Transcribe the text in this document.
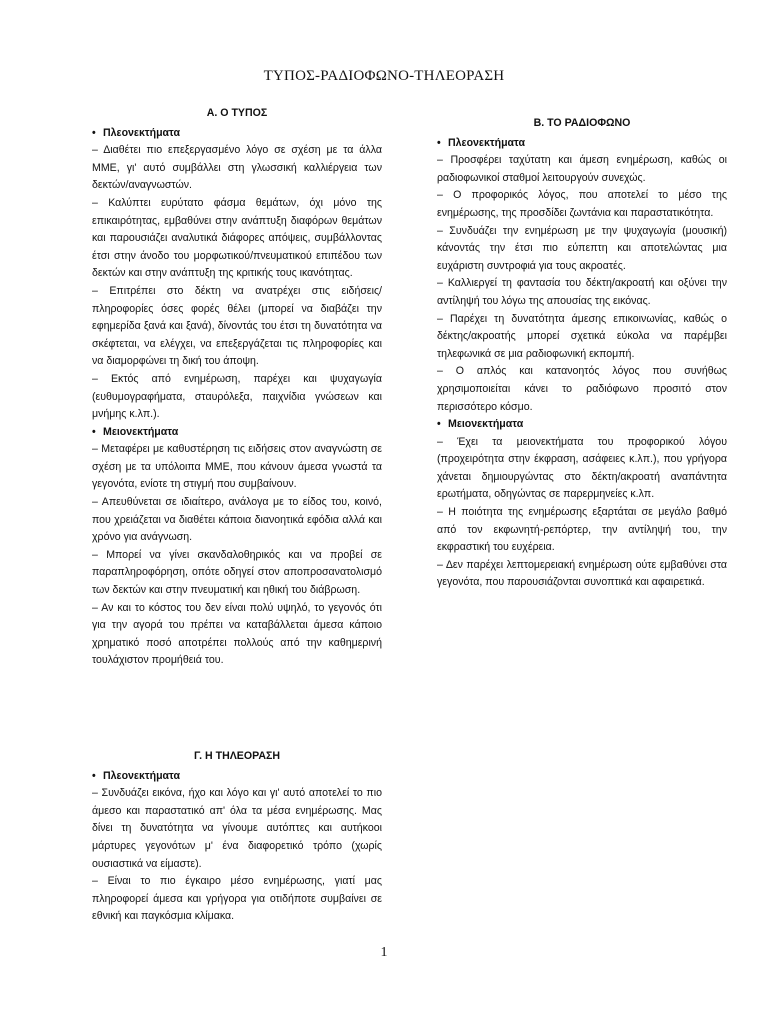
ΤΥΠΟΣ-ΡΑΔΙΟΦΩΝΟ-ΤΗΛΕΟΡΑΣΗ
Α. Ο ΤΥΠΟΣ
• Πλεονεκτήματα

– Διαθέτει πιο επεξεργασμένο λόγο σε σχέση με τα άλλα ΜΜΕ, γι' αυτό συμβάλλει στη γλωσσική καλλιέργεια των δεκτών/αναγνωστών.

– Καλύπτει ευρύτατο φάσμα θεμάτων, όχι μόνο της επικαιρότητας, εμβαθύνει στην ανάπτυξη διαφόρων θεμάτων και παρουσιάζει αναλυτικά διάφορες απόψεις, συμβάλλοντας έτσι στην άνοδο του μορφωτικού/πνευματικού επιπέδου των δεκτών και στην ανάπτυξη της κριτικής τους ικανότητας.

– Επιτρέπει στο δέκτη να ανατρέχει στις ειδήσεις/πληροφορίες όσες φορές θέλει (μπορεί να διαβάζει την εφημερίδα ξανά και ξανά), δίνοντάς του έτσι τη δυνατότητα να σκέφτεται, να ελέγχει, να επεξεργάζεται τις πληροφορίες και να διαμορφώνει τη δική του άποψη.

– Εκτός από ενημέρωση, παρέχει και ψυχαγωγία (ευθυμογραφήματα, σταυρόλεξα, παιχνίδια γνώσεων και μνήμης κ.λπ.).

• Μειονεκτήματα

– Μεταφέρει με καθυστέρηση τις ειδήσεις στον αναγνώστη σε σχέση με τα υπόλοιπα ΜΜΕ, που κάνουν άμεσα γνωστά τα γεγονότα, ενίοτε τη στιγμή που συμβαίνουν.

– Απευθύνεται σε ιδιαίτερο, ανάλογα με το είδος του, κοινό, που χρειάζεται να διαθέτει κάποια διανοητικά εφόδια αλλά και χρόνο για ανάγνωση.

– Μπορεί να γίνει σκανδαλοθηρικός και να προβεί σε παραπληροφόρηση, οπότε οδηγεί στον αποπροσανατολισμό των δεκτών και στην πνευματική και ηθική του διάβρωση.

– Αν και το κόστος του δεν είναι πολύ υψηλό, το γεγονός ότι για την αγορά του πρέπει να καταβάλλεται άμεσα κάποιο χρηματικό ποσό αποτρέπει πολλούς από την καθημερινή τουλάχιστον προμήθειά του.

Γ. Η ΤΗΛΕΟΡΑΣΗ
• Πλεονεκτήματα

– Συνδυάζει εικόνα, ήχο και λόγο και γι' αυτό αποτελεί το πιο άμεσο και παραστατικό απ' όλα τα μέσα ενημέρωσης. Μας δίνει τη δυνατότητα να γίνουμε αυτόπτες και αυτήκοοι μάρτυρες γεγονότων μ' ένα διαφορετικό τρόπο (χωρίς ουσιαστικά να είμαστε).

– Είναι το πιο έγκαιρο μέσο ενημέρωσης, γιατί μας πληροφορεί άμεσα και γρήγορα για οτιδήποτε συμβαίνει σε εθνική και παγκόσμια κλίμακα.

Β. ΤΟ ΡΑΔΙΟΦΩΝΟ
• Πλεονεκτήματα

– Προσφέρει ταχύτατη και άμεση ενημέρωση, καθώς οι ραδιοφωνικοί σταθμοί λειτουργούν συνεχώς.

– Ο προφορικός λόγος, που αποτελεί το μέσο της ενημέρωσης, της προσδίδει ζωντάνια και παραστατικότητα.

– Συνδυάζει την ενημέρωση με την ψυχαγωγία (μουσική) κάνοντάς την έτσι πιο εύπεπτη και αποτελώντας μια ευχάριστη συντροφιά για τους ακροατές.

– Καλλιεργεί τη φαντασία του δέκτη/ακροατή και οξύνει την αντίληψή του λόγω της απουσίας της εικόνας.

– Παρέχει τη δυνατότητα άμεσης επικοινωνίας, καθώς ο δέκτης/ακροατής μπορεί σχετικά εύκολα να παρέμβει τηλεφωνικά σε μια ραδιοφωνική εκπομπή.

– Ο απλός και κατανοητός λόγος που συνήθως χρησιμοποιείται κάνει το ραδιόφωνο προσιτό στον περισσότερο κόσμο.

• Μειονεκτήματα

– Έχει τα μειονεκτήματα του προφορικού λόγου (προχειρότητα στην έκφραση, ασάφειες κ.λπ.), που γρήγορα χάνεται δημιουργώντας στο δέκτη/ακροατή αναπάντητα ερωτήματα, οδηγώντας σε παρερμηνείες κ.λπ.

– Η ποιότητα της ενημέρωσης εξαρτάται σε μεγάλο βαθμό από τον εκφωνητή-ρεπόρτερ, την αντίληψή του, την εκφραστική του ευχέρεια.

– Δεν παρέχει λεπτομερειακή ενημέρωση ούτε εμβαθύνει στα γεγονότα, που παρουσιάζονται συνοπτικά και αφαιρετικά.

1
